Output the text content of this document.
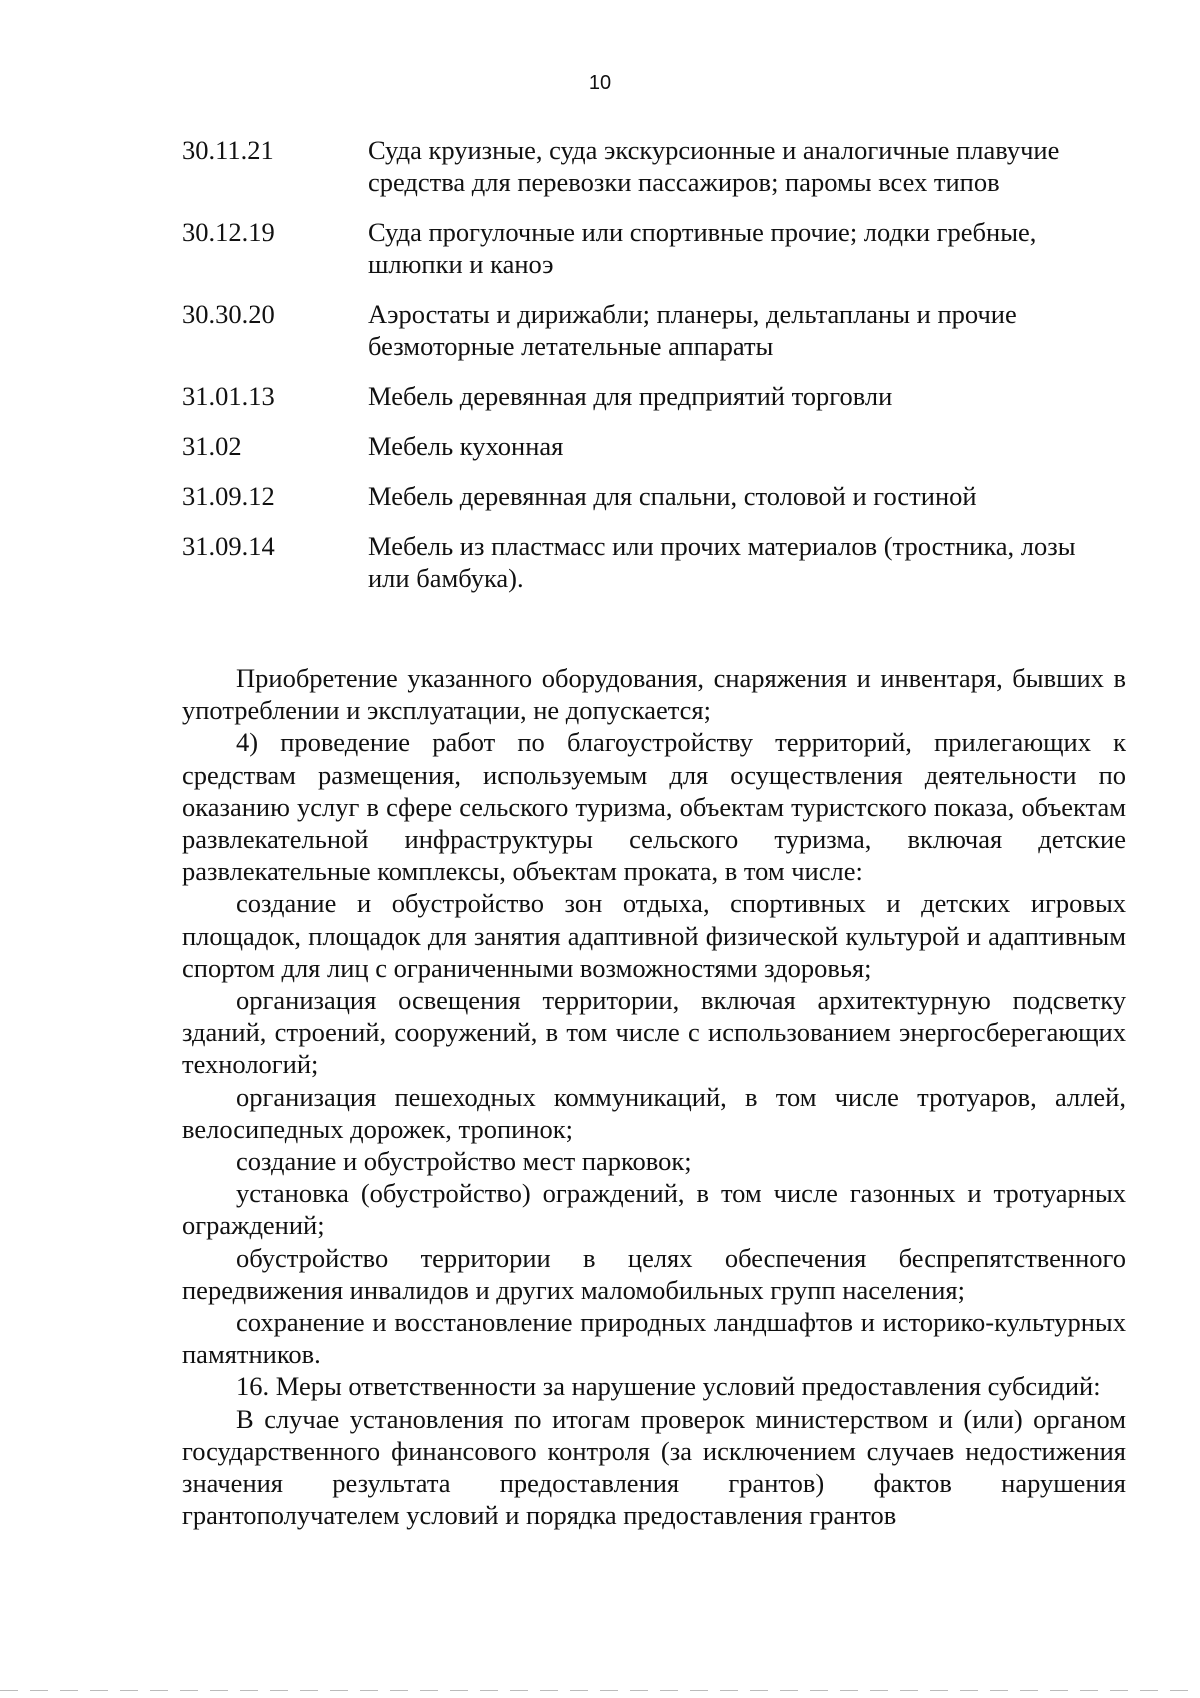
10
30.11.21	Суда круизные, суда экскурсионные и аналогичные плавучие средства для перевозки пассажиров; паромы всех типов
30.12.19	Суда прогулочные или спортивные прочие; лодки гребные, шлюпки и каноэ
30.30.20	Аэростаты и дирижабли; планеры, дельтапланы и прочие безмоторные летательные аппараты
31.01.13	Мебель деревянная для предприятий торговли
31.02	Мебель кухонная
31.09.12	Мебель деревянная для спальни, столовой и гостиной
31.09.14	Мебель из пластмасс или прочих материалов (тростника, лозы или бамбука).

Приобретение указанного оборудования, снаряжения и инвентаря, бывших в употреблении и эксплуатации, не допускается;

4) проведение работ по благоустройству территорий, прилегающих к средствам размещения, используемым для осуществления деятельности по оказанию услуг в сфере сельского туризма, объектам туристского показа, объектам развлекательной инфраструктуры сельского туризма, включая детские развлекательные комплексы, объектам проката, в том числе:

создание и обустройство зон отдыха, спортивных и детских игровых площадок, площадок для занятия адаптивной физической культурой и адаптивным спортом для лиц с ограниченными возможностями здоровья;

организация освещения территории, включая архитектурную подсветку зданий, строений, сооружений, в том числе с использованием энергосберегающих технологий;

организация пешеходных коммуникаций, в том числе тротуаров, аллей, велосипедных дорожек, тропинок;

создание и обустройство мест парковок;

установка (обустройство) ограждений, в том числе газонных и тротуарных ограждений;

обустройство территории в целях обеспечения беспрепятственного передвижения инвалидов и других маломобильных групп населения;

сохранение и восстановление природных ландшафтов и историко-культурных памятников.

16. Меры ответственности за нарушение условий предоставления субсидий:

В случае установления по итогам проверок министерством и (или) органом государственного финансового контроля (за исключением случаев недостижения значения результата предоставления грантов) фактов нарушения грантополучателем условий и порядка предоставления грантов
